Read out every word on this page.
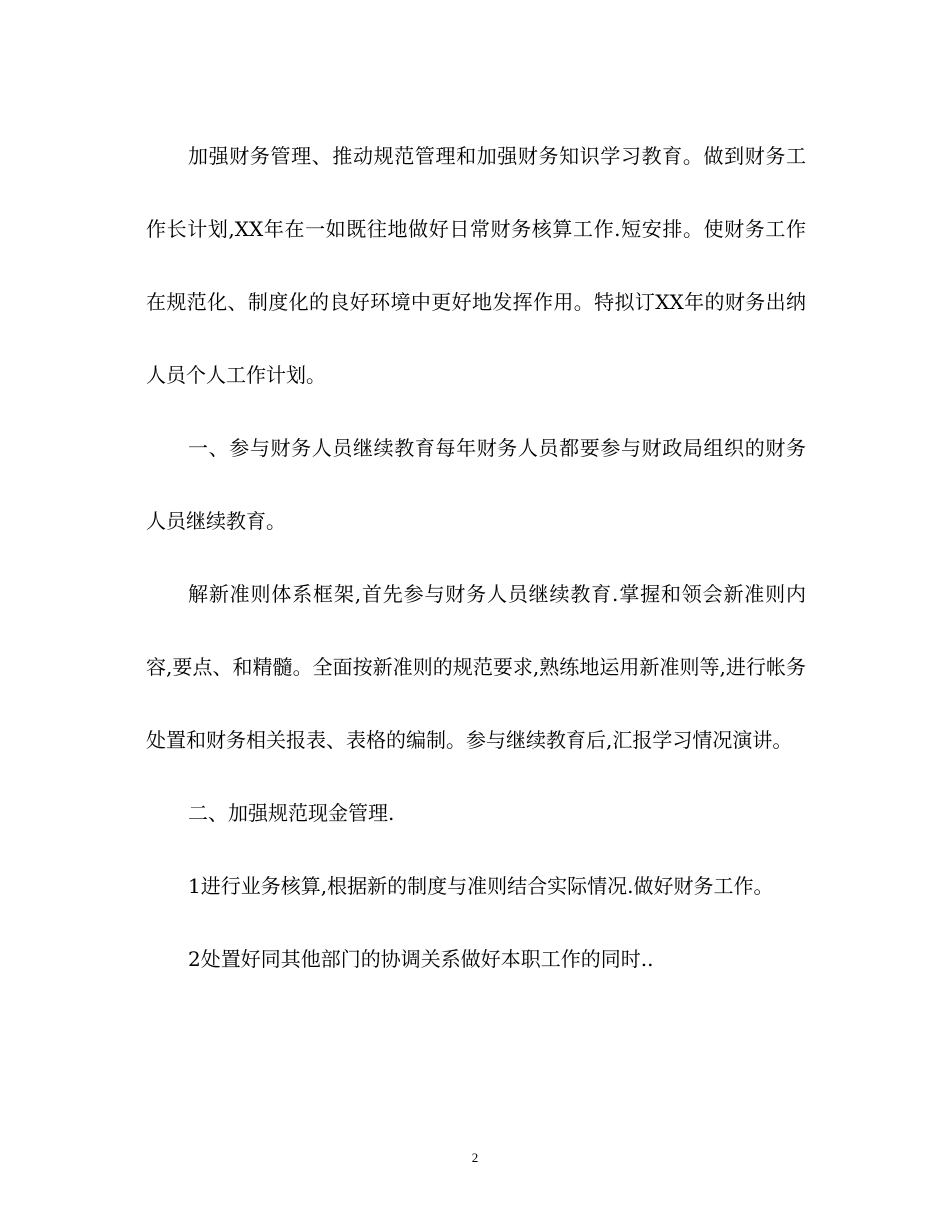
加强财务管理、推动规范管理和加强财务知识学习教育。做到财务工作长计划,XX年在一如既往地做好日常财务核算工作.短安排。使财务工作在规范化、制度化的良好环境中更好地发挥作用。特拟订XX年的财务出纳人员个人工作计划。

一、参与财务人员继续教育每年财务人员都要参与财政局组织的财务人员继续教育。

解新准则体系框架,首先参与财务人员继续教育.掌握和领会新准则内容,要点、和精髓。全面按新准则的规范要求,熟练地运用新准则等,进行帐务处置和财务相关报表、表格的编制。参与继续教育后,汇报学习情况演讲。

二、加强规范现金管理.

1进行业务核算,根据新的制度与准则结合实际情况.做好财务工作。

2处置好同其他部门的协调关系做好本职工作的同时..

2
